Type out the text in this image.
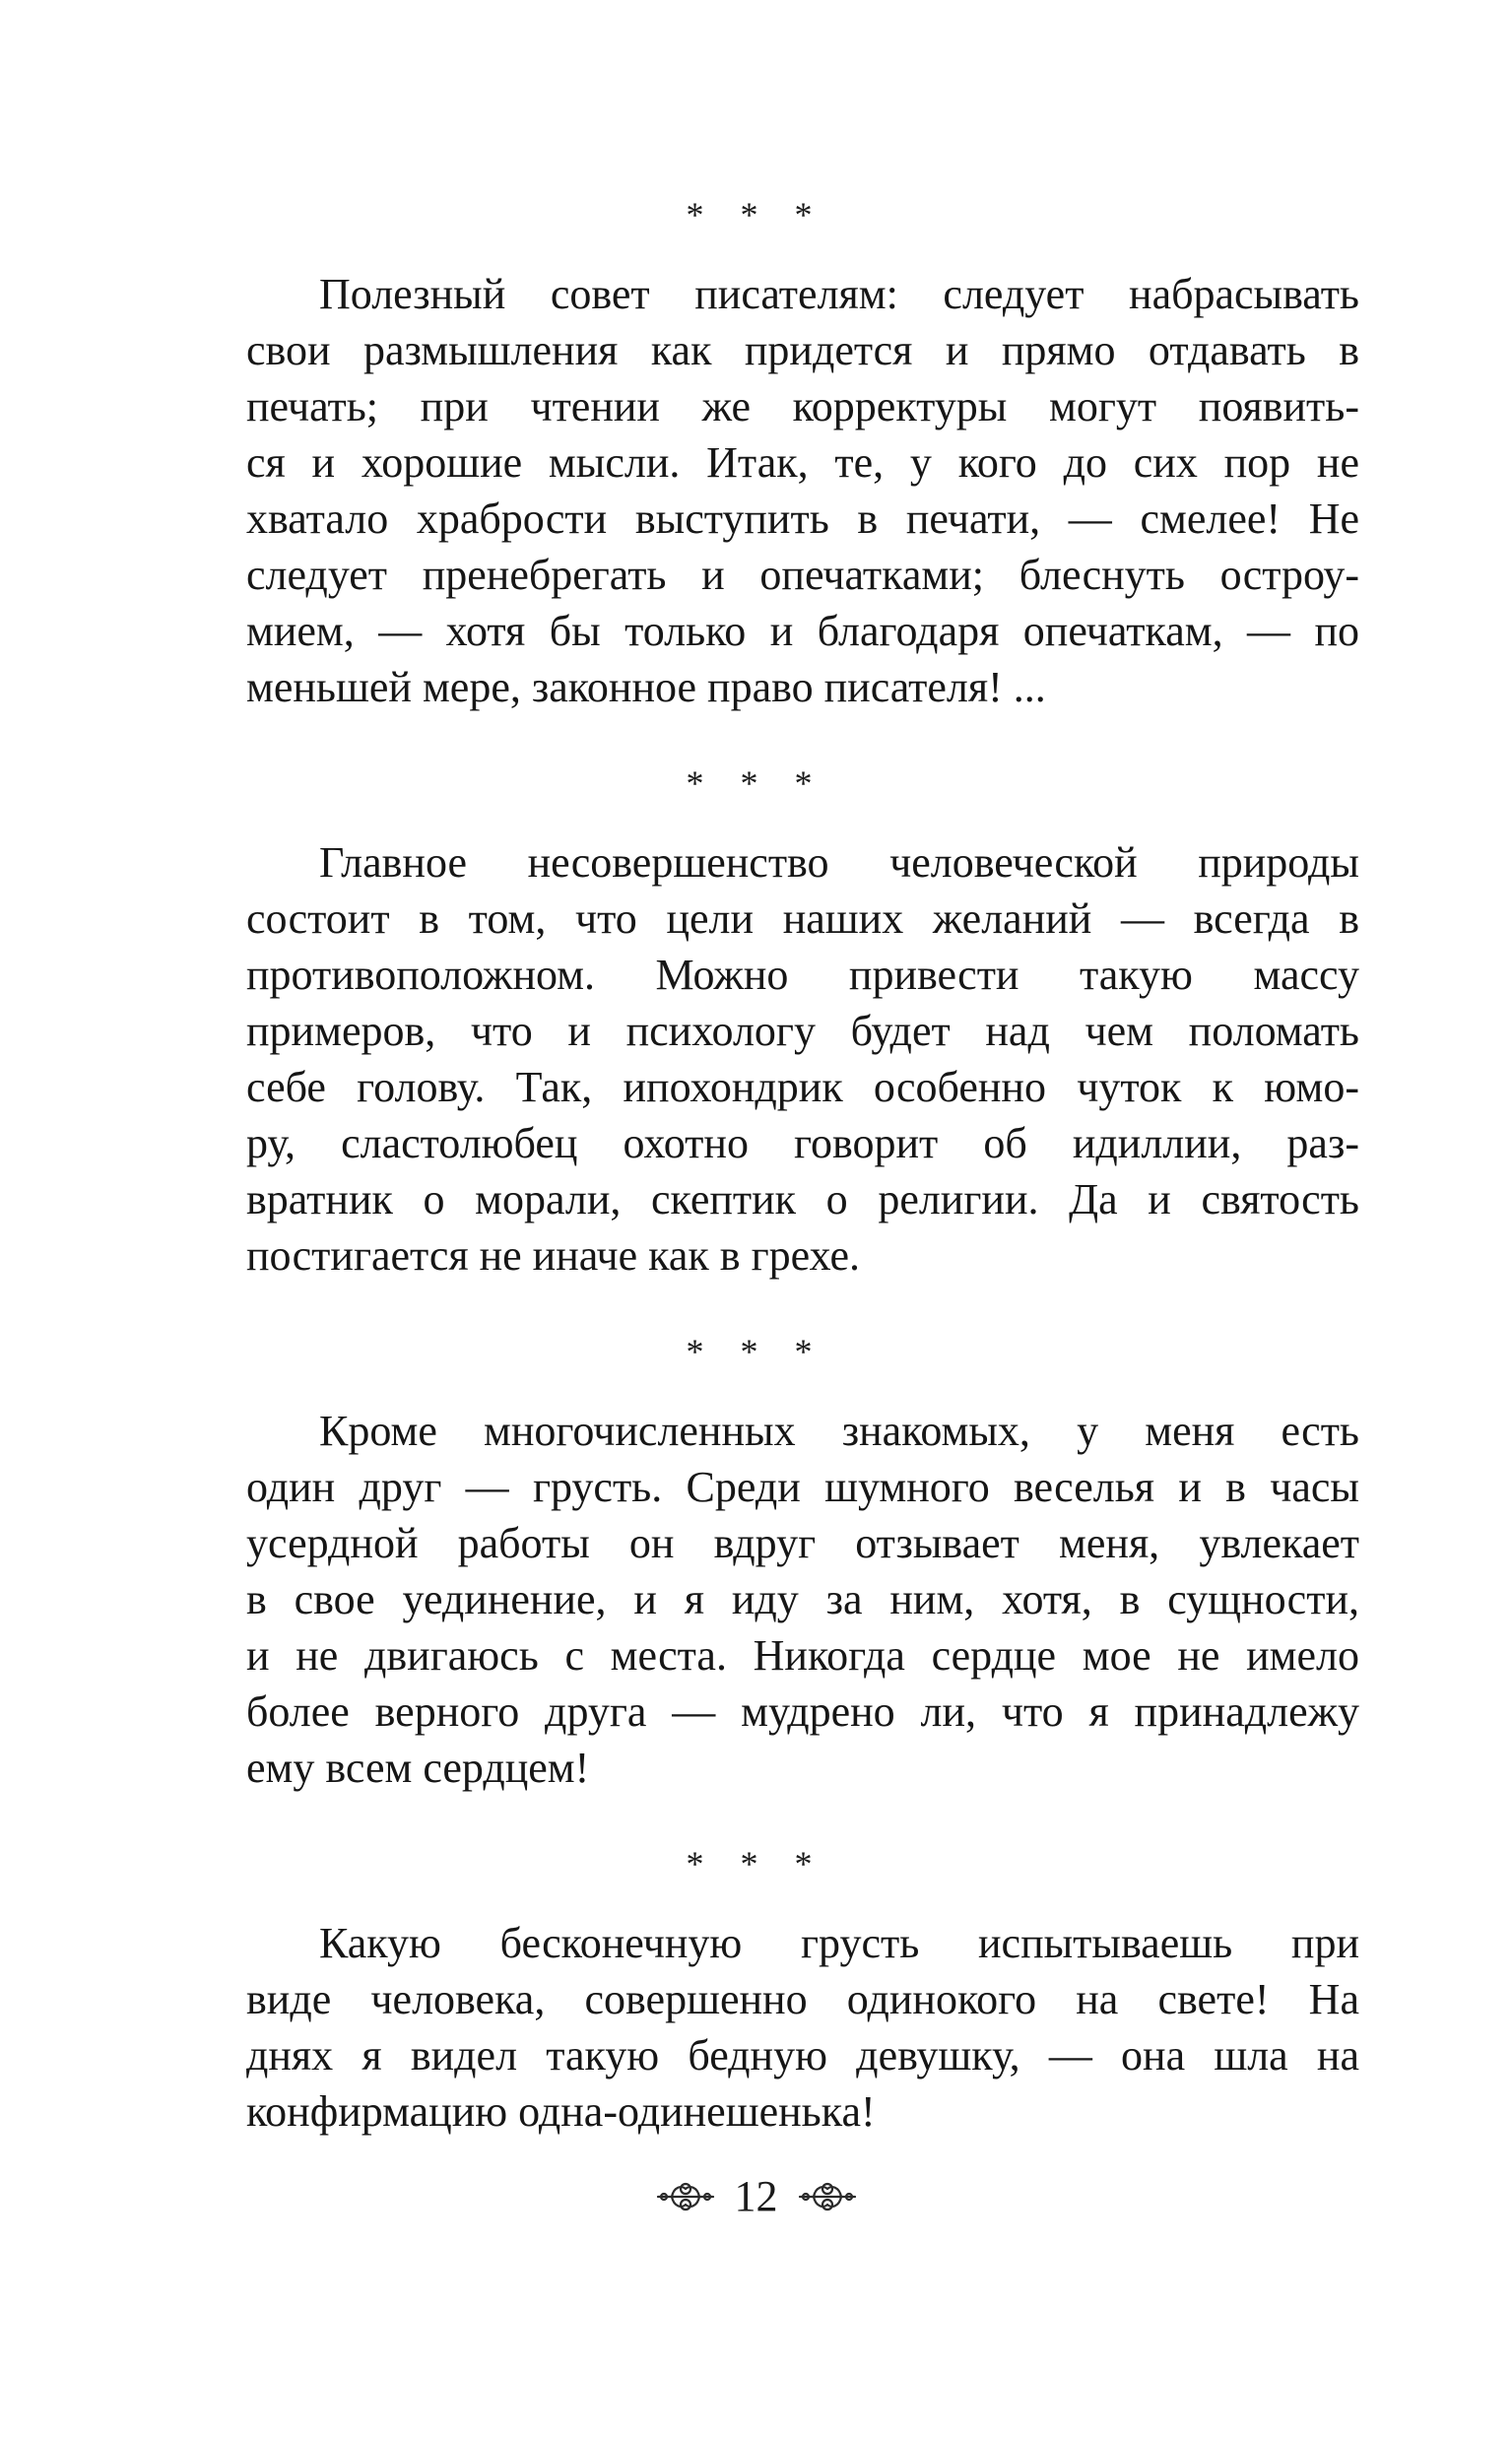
* * *
Полезный совет писателям: следует набрасывать
свои размышления как придется и прямо отдавать в
печать; при чтении же корректуры могут появить-
ся и хорошие мысли. Итак, те, у кого до сих пор не
хватало храбрости выступить в печати, — смелее! Не
следует пренебрегать и опечатками; блеснуть остроу-
мием, — хотя бы только и благодаря опечаткам, — по
меньшей мере, законное право писателя! ...
* * *
Главное несовершенство человеческой природы
состоит в том, что цели наших желаний — всегда в
противоположном. Можно привести такую массу
примеров, что и психологу будет над чем поломать
себе голову. Так, ипохондрик особенно чуток к юмо-
ру, сластолюбец охотно говорит об идиллии, раз-
вратник о морали, скептик о религии. Да и святость
постигается не иначе как в грехе.
* * *
Кроме многочисленных знакомых, у меня есть
один друг — грусть. Среди шумного веселья и в часы
усердной работы он вдруг отзывает меня, увлекает
в свое уединение, и я иду за ним, хотя, в сущности,
и не двигаюсь с места. Никогда сердце мое не имело
более верного друга — мудрено ли, что я принадлежу
ему всем сердцем!
* * *
Какую бесконечную грусть испытываешь при
виде человека, совершенно одинокого на свете! На
днях я видел такую бедную девушку, — она шла на
конфирмацию одна-одинешенька!
12
